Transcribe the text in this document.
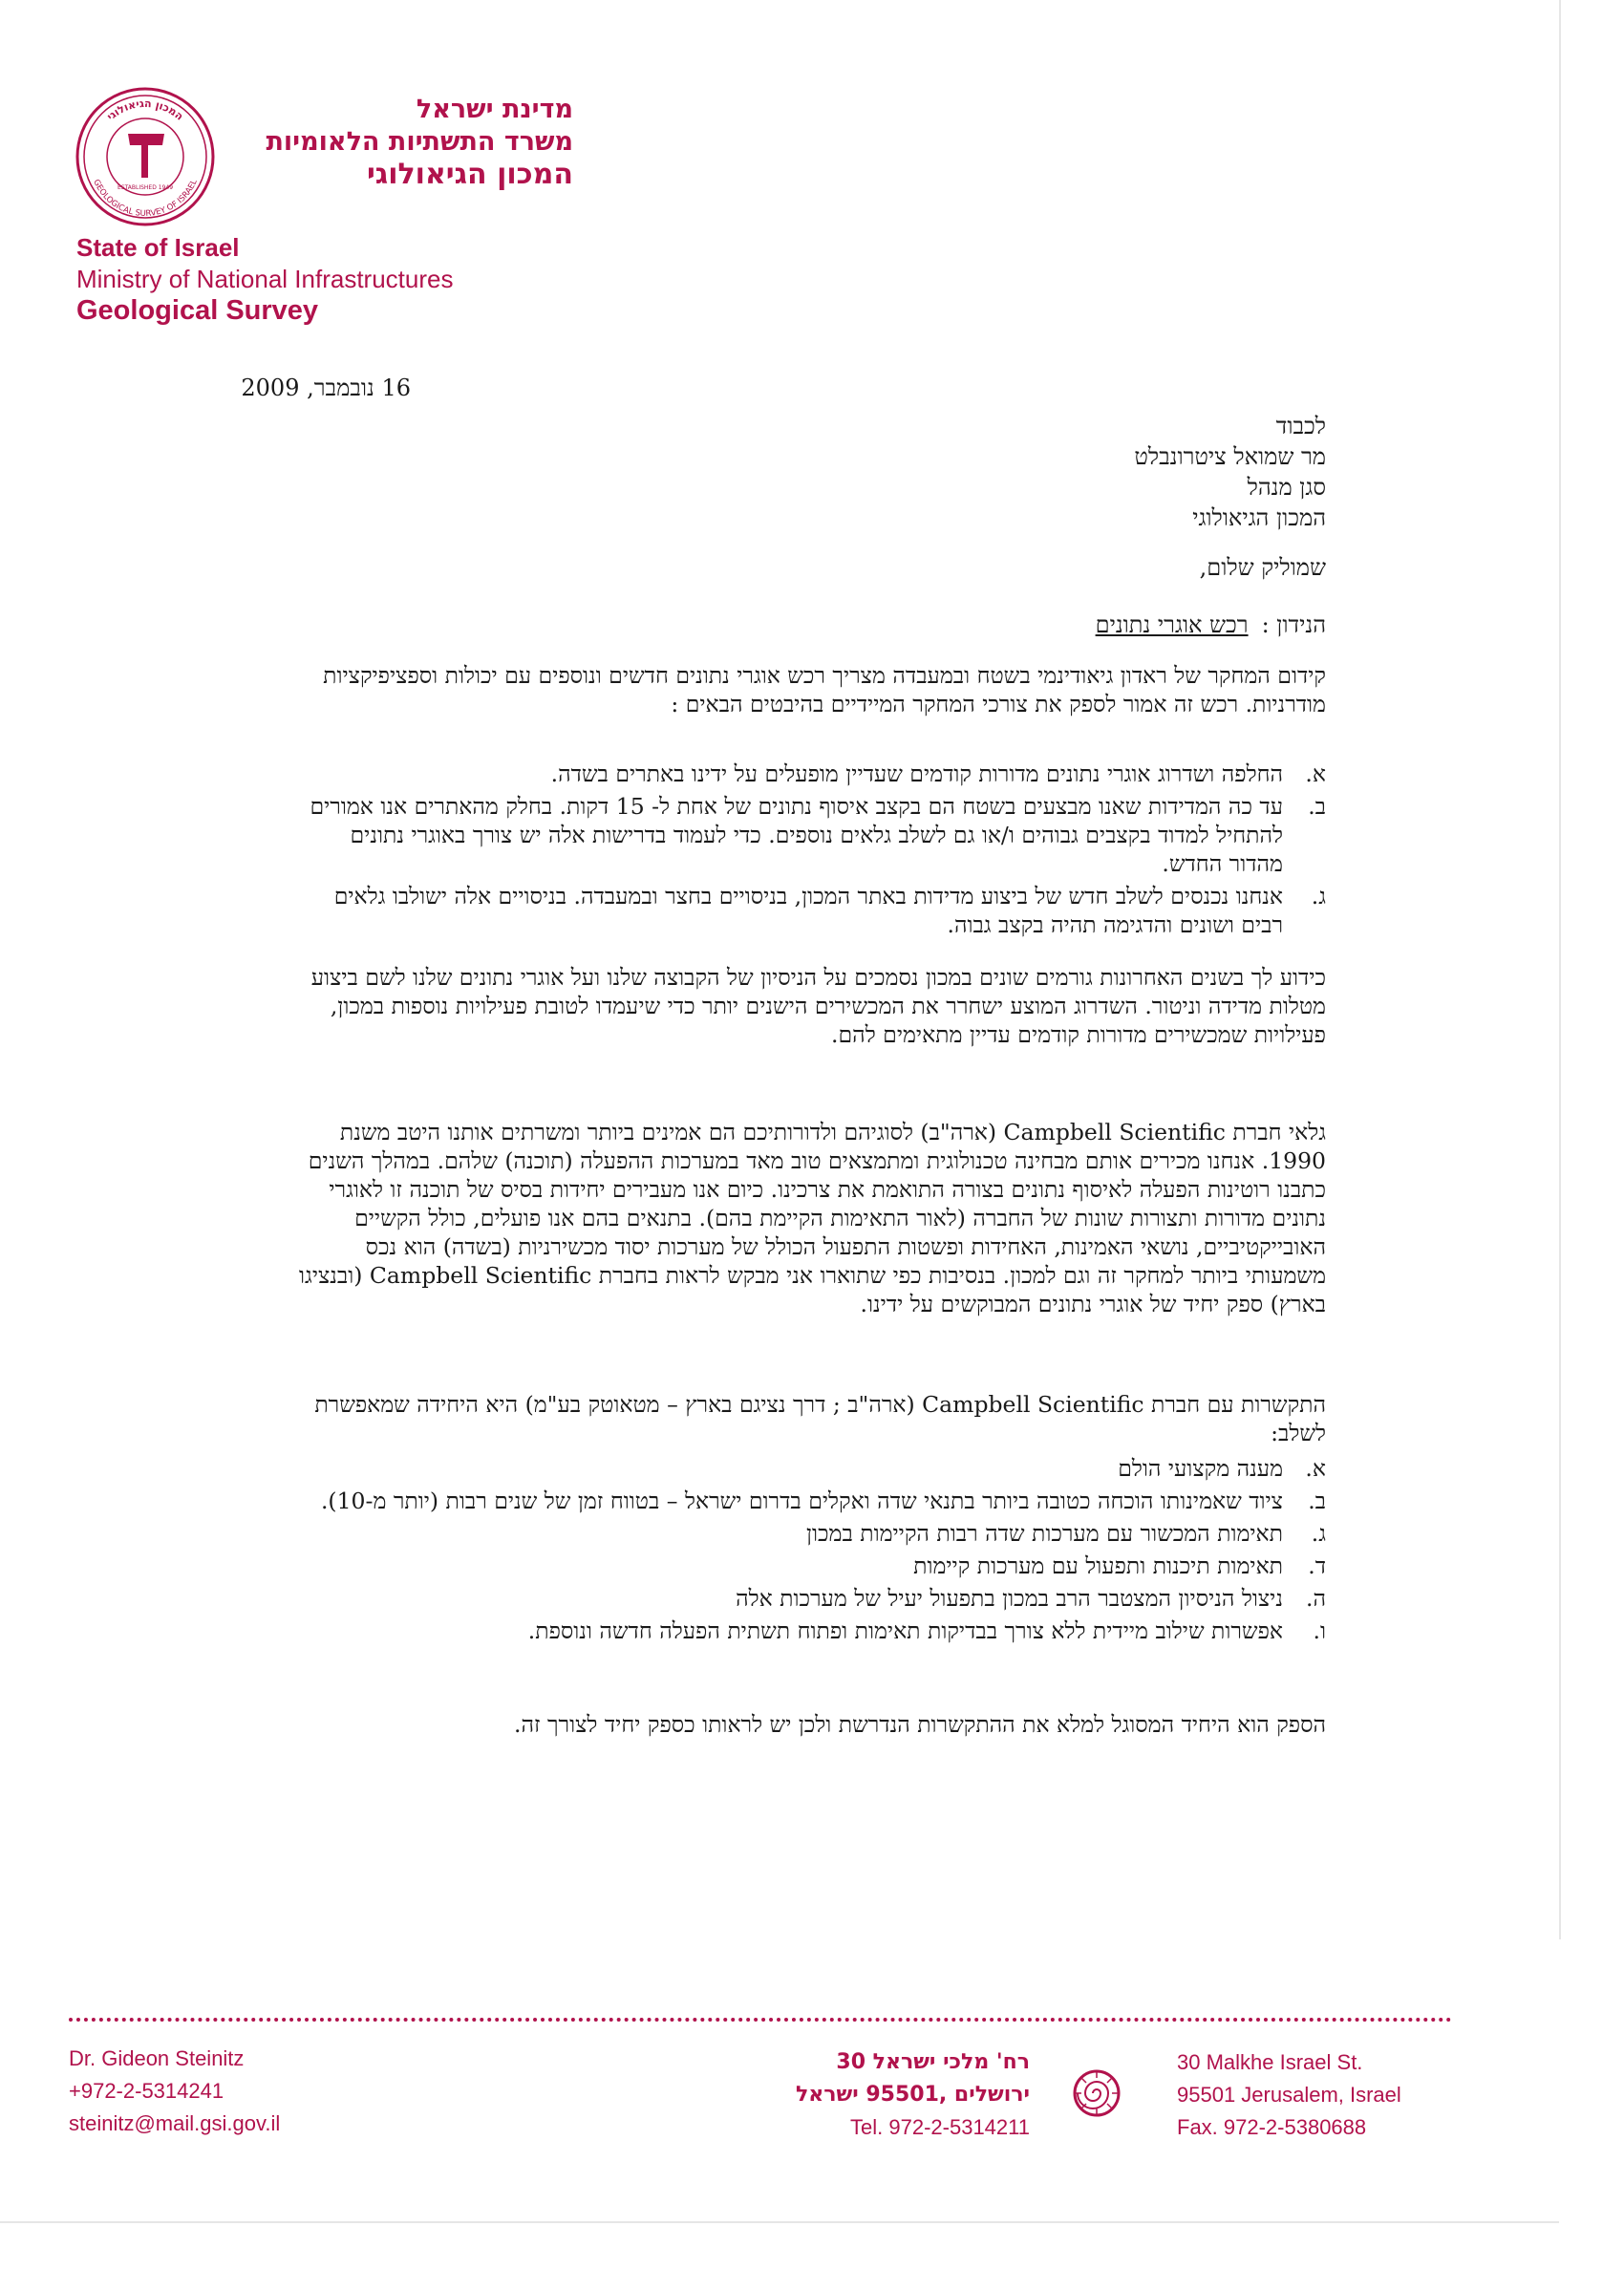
המכון הגיאולוגי
GEOLOGICAL SURVEY OF ISRAEL
ESTABLISHED 1949
מדינת ישראל
משרד התשתיות הלאומיות
המכון הגיאולוגי
State of Israel
Ministry of National Infrastructures
Geological Survey
16 נובמבר, 2009
לכבוד
מר שמואל ציטרונבלט
סגן מנהל
המכון הגיאולוגי
שמוליק שלום,
הנידון :רכש אוגרי נתונים
קידום המחקר של ראדון גיאודינמי בשטח ובמעבדה מצריך רכש אוגרי נתונים חדשים ונוספים עם יכולות וספציפיקציות מודרניות. רכש זה אמור לספק את צורכי המחקר המיידיים בהיבטים הבאים :
א.
החלפה ושדרוג אוגרי נתונים מדורות קודמים שעדיין מופעלים על ידינו באתרים בשדה.
ב.
עד כה המדידות שאנו מבצעים בשטח הם בקצב איסוף נתונים של אחת ל- 15 דקות. בחלק מהאתרים אנו אמורים להתחיל למדוד בקצבים גבוהים ו/או גם לשלב גלאים נוספים. כדי לעמוד בדרישות אלה יש צורך באוגרי נתונים מהדור החדש.
ג.
אנחנו נכנסים לשלב חדש של ביצוע מדידות באתר המכון, בניסויים בחצר ובמעבדה. בניסויים אלה ישולבו גלאים רבים ושונים והדגימה תהיה בקצב גבוה.
כידוע לך בשנים האחרונות גורמים שונים במכון נסמכים על הניסיון של הקבוצה שלנו ועל אוגרי נתונים שלנו לשם ביצוע מטלות מדידה וניטור. השדרוג המוצע ישחרר את המכשירים הישנים יותר כדי שיעמדו לטובת פעילויות נוספות במכון, פעילויות שמכשירים מדורות קודמים עדיין מתאימים להם.
גלאי חברת Campbell Scientific (ארה"ב) לסוגיהם ולדורותיכם הם אמינים ביותר ומשרתים אותנו היטב משנת 1990. אנחנו מכירים אותם מבחינה טכנולוגית ומתמצאים טוב מאד במערכות ההפעלה (תוכנה) שלהם. במהלך השנים כתבנו רוטינות הפעלה לאיסוף נתונים בצורה התואמת את צרכינו. כיום אנו מעבירים יחידות בסיס של תוכנה זו לאוגרי נתונים מדורות ותצורות שונות של החברה (לאור התאימות הקיימת בהם). בתנאים בהם אנו פועלים, כולל הקשיים האובייקטיביים, נושאי האמינות, האחידות ופשטות התפעול הכולל של מערכות יסוד מכשירניות (בשדה) הוא נכס משמעותי ביותר למחקר זה וגם למכון. בנסיבות כפי שתוארו אני מבקש לראות בחברת Campbell Scientific (ובנציגו בארץ) ספק יחיד של אוגרי נתונים המבוקשים על ידינו.
התקשרות עם חברת Campbell Scientific (ארה"ב ; דרך נציגם בארץ – מטאוטק בע"מ) היא היחידה שמאפשרת לשלב:
א.
מענה מקצועי הולם
ב.
ציוד שאמינותו הוכחה כטובה ביותר בתנאי שדה ואקלים בדרום ישראל – בטווח זמן של שנים רבות (יותר מ-10).
ג.
תאימות המכשור עם מערכות שדה רבות הקיימות במכון
ד.
תאימות תיכנות ותפעול עם מערכות קיימות
ה.
ניצול הניסיון המצטבר הרב במכון בתפעול יעיל של מערכות אלה
ו.
אפשרות שילוב מיידית ללא צורך בבדיקות תאימות ופתוח תשתית הפעלה חדשה ונוספת.
הספק הוא היחיד המסוגל למלא את ההתקשרות הנדרשת ולכן יש לראותו כספק יחיד לצורך זה.
Dr. Gideon Steinitz
+972-2-5314241
steinitz@mail.gsi.gov.il
רח' מלכי ישראל 30
ירושלים ,95501 ישראל
Tel. 972-2-5314211
30 Malkhe Israel St.
95501 Jerusalem, Israel
Fax. 972-2-5380688
